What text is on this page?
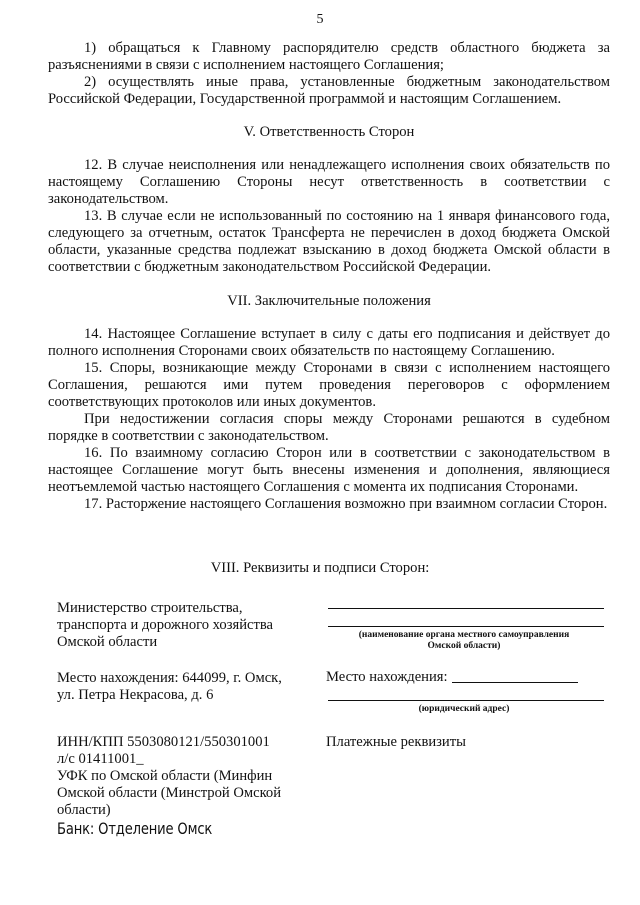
5

1) обращаться к Главному распорядителю средств областного бюджета за разъяснениями в связи с исполнением настоящего Соглашения;

2) осуществлять иные права, установленные бюджетным законодательством Российской Федерации, Государственной программой и настоящим Соглашением.

V. Ответственность Сторон

12. В случае неисполнения или ненадлежащего исполнения своих обязательств по настоящему Соглашению Стороны несут ответственность в соответствии с законодательством.

13. В случае если не использованный по состоянию на 1 января финансового года, следующего за отчетным, остаток Трансферта не перечислен в доход бюджета Омской области, указанные средства подлежат взысканию в доход бюджета Омской области в соответствии с бюджетным законодательством Российской Федерации.

VII. Заключительные положения

14. Настоящее Соглашение вступает в силу с даты его подписания и действует до полного исполнения Сторонами своих обязательств по настоящему Соглашению.

15. Споры, возникающие между Сторонами в связи с исполнением настоящего Соглашения, решаются ими путем проведения переговоров с оформлением соответствующих протоколов или иных документов.

При недостижении согласия споры между Сторонами решаются в судебном порядке в соответствии с законодательством.

16. По взаимному согласию Сторон или в соответствии с законодательством в настоящее Соглашение могут быть внесены изменения и дополнения, являющиеся неотъемлемой частью настоящего Соглашения с момента их подписания Сторонами.

17. Расторжение настоящего Соглашения возможно при взаимном согласии Сторон.

VIII. Реквизиты и подписи Сторон:
Министерство строительства,
транспорта и дорожного хозяйства
Омской области
Место нахождения: 644099, г. Омск,
ул. Петра Некрасова, д. 6
ИНН/КПП 5503080121/550301001
л/с 01411001_
УФК по Омской области (Минфин
Омской области (Минстрой Омской
области)
Банк: Отделение Омск
(наименование органа местного самоуправления
Омской области)
Место нахождения:
(юридический адрес)
Платежные реквизиты
